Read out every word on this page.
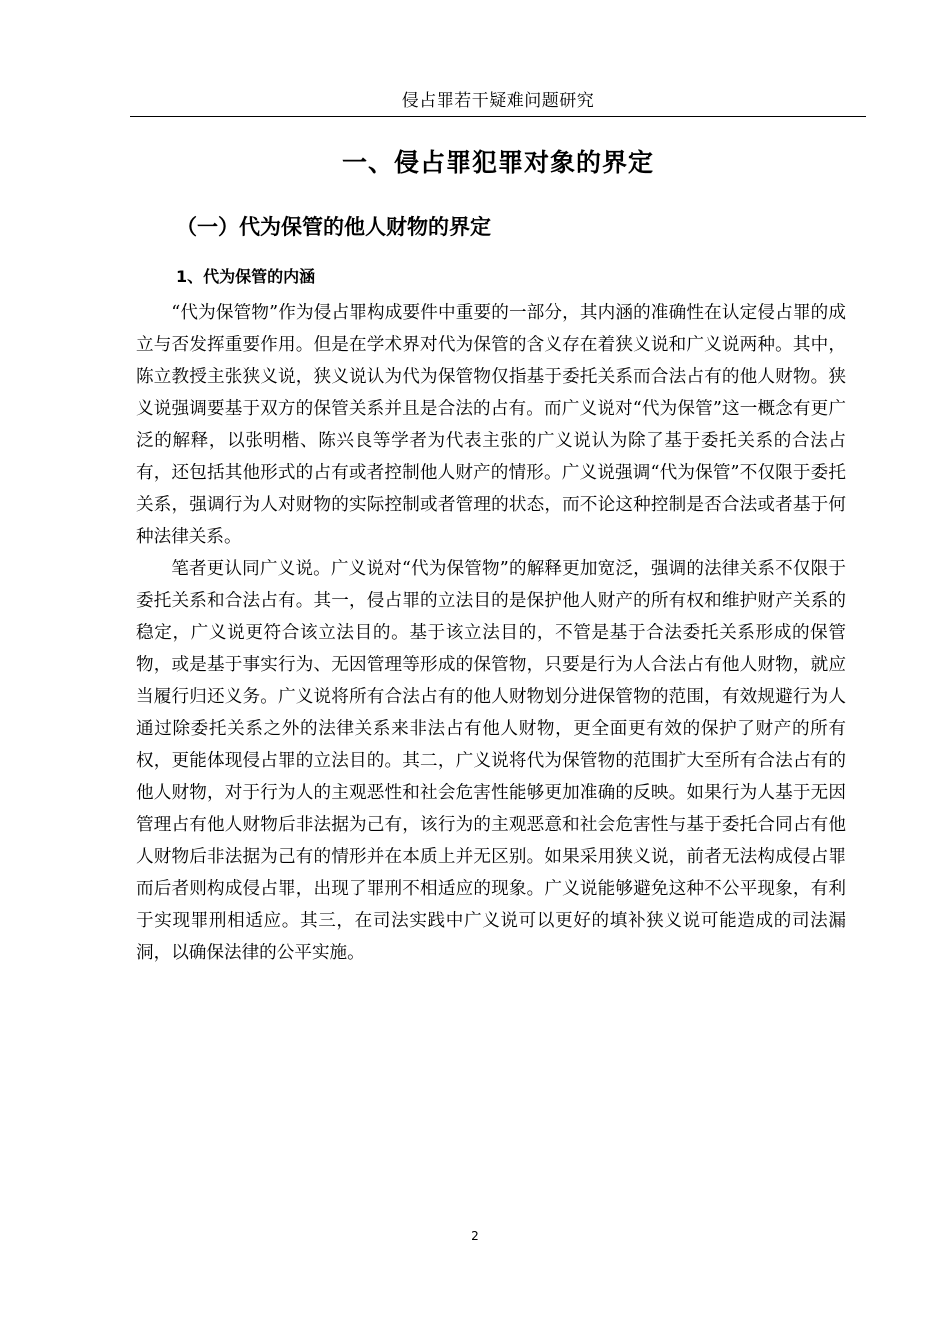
侵占罪若干疑难问题研究
一、侵占罪犯罪对象的界定
（一）代为保管的他人财物的界定
1、代为保管的内涵

“代为保管物”作为侵占罪构成要件中重要的一部分，其内涵的准确性在认定侵占罪的成立与否发挥重要作用。但是在学术界对代为保管的含义存在着狭义说和广义说两种。其中，陈立教授主张狭义说，狭义说认为代为保管物仅指基于委托关系而合法占有的他人财物。狭义说强调要基于双方的保管关系并且是合法的占有。而广义说对“代为保管”这一概念有更广泛的解释，以张明楷、陈兴良等学者为代表主张的广义说认为除了基于委托关系的合法占有，还包括其他形式的占有或者控制他人财产的情形。广义说强调“代为保管”不仅限于委托关系，强调行为人对财物的实际控制或者管理的状态，而不论这种控制是否合法或者基于何种法律关系。

笔者更认同广义说。广义说对“代为保管物”的解释更加宽泛，强调的法律关系不仅限于委托关系和合法占有。其一，侵占罪的立法目的是保护他人财产的所有权和维护财产关系的稳定，广义说更符合该立法目的。基于该立法目的，不管是基于合法委托关系形成的保管物，或是基于事实行为、无因管理等形成的保管物，只要是行为人合法占有他人财物，就应当履行归还义务。广义说将所有合法占有的他人财物划分进保管物的范围，有效规避行为人通过除委托关系之外的法律关系来非法占有他人财物，更全面更有效的保护了财产的所有权，更能体现侵占罪的立法目的。其二，广义说将代为保管物的范围扩大至所有合法占有的他人财物，对于行为人的主观恶性和社会危害性能够更加准确的反映。如果行为人基于无因管理占有他人财物后非法据为己有，该行为的主观恶意和社会危害性与基于委托合同占有他人财物后非法据为己有的情形并在本质上并无区别。如果采用狭义说，前者无法构成侵占罪而后者则构成侵占罪，出现了罪刑不相适应的现象。广义说能够避免这种不公平现象，有利于实现罪刑相适应。其三，在司法实践中广义说可以更好的填补狭义说可能造成的司法漏洞，以确保法律的公平实施。

2
